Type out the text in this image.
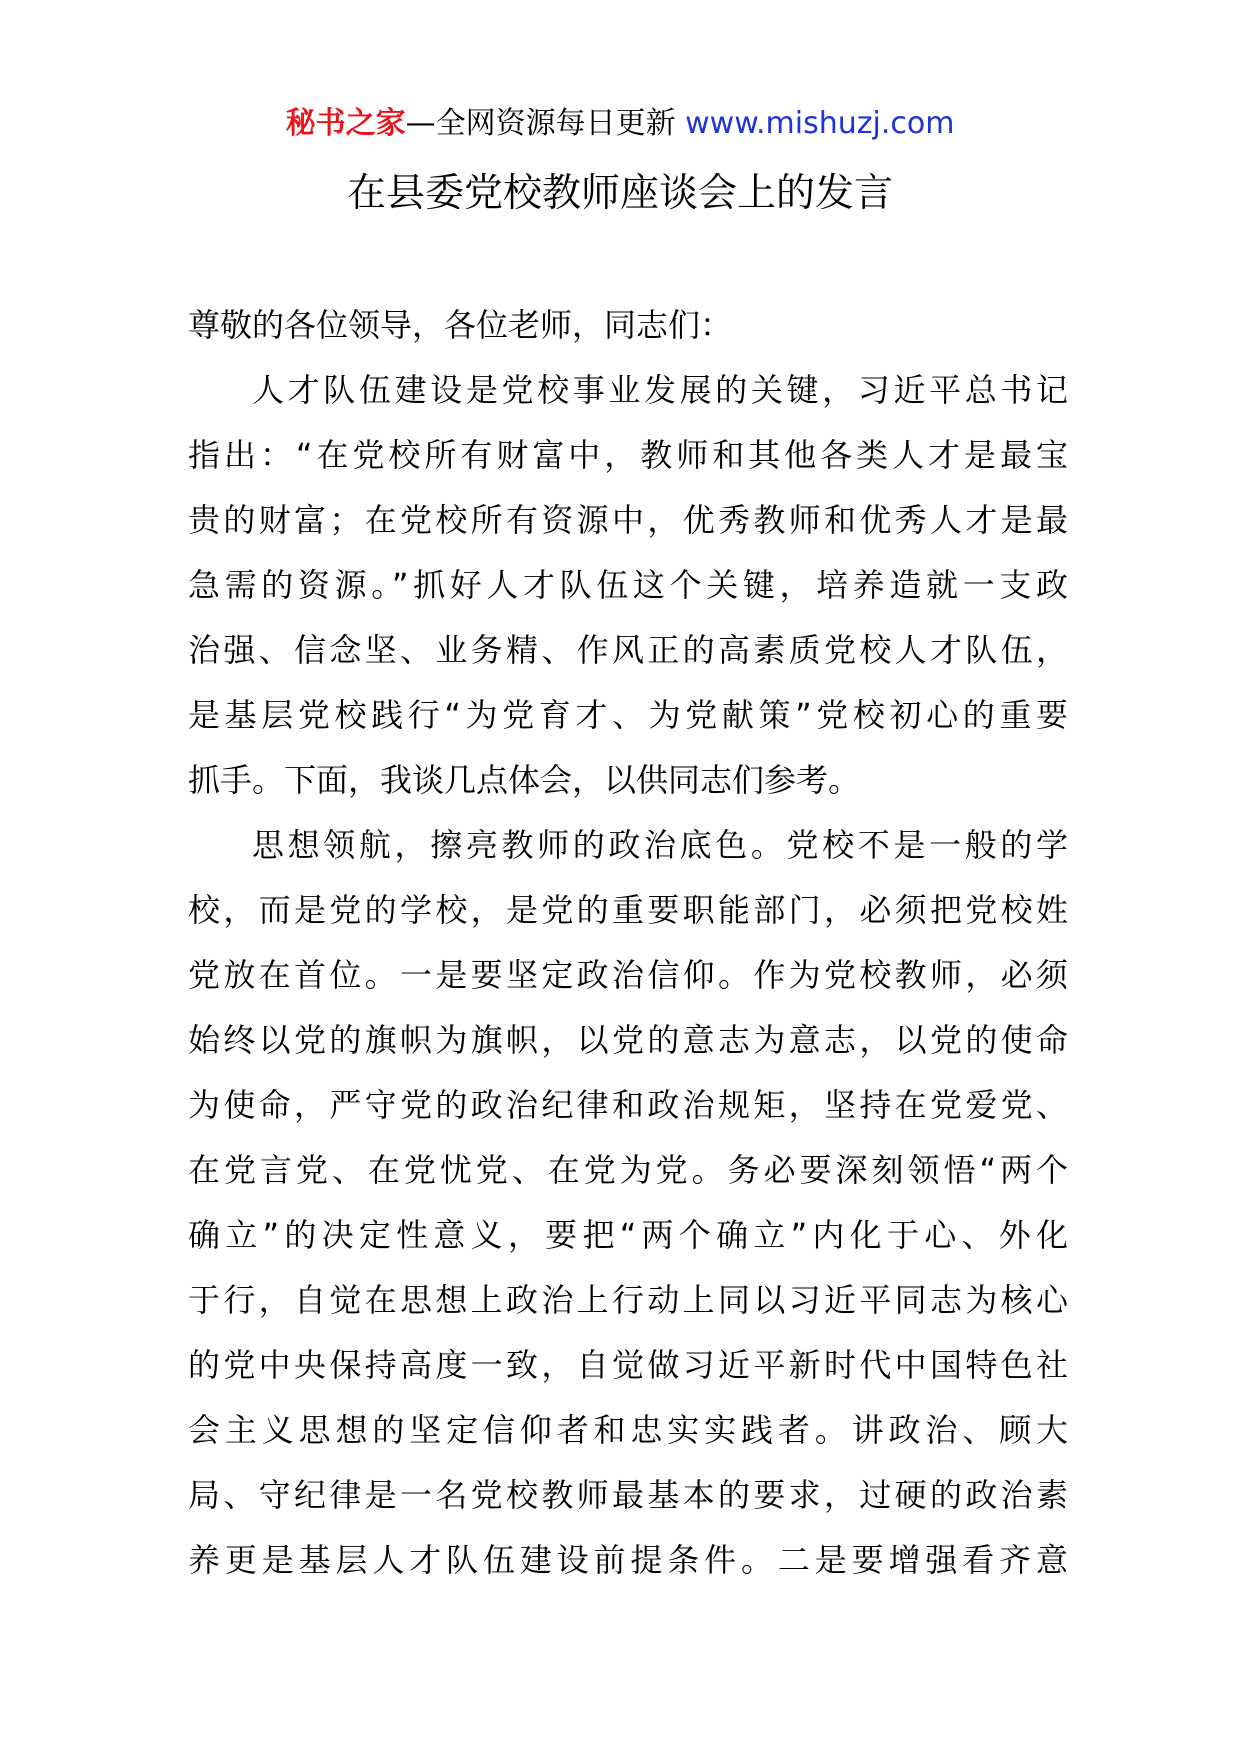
秘书之家—全网资源每日更新 www.mishuzj.com
在县委党校教师座谈会上的发言
尊敬的各位领导，各位老师，同志们：
人才队伍建设是党校事业发展的关键，习近平总书记
指出：“在党校所有财富中，教师和其他各类人才是最宝
贵的财富；在党校所有资源中，优秀教师和优秀人才是最
急需的资源。”抓好人才队伍这个关键，培养造就一支政
治强、信念坚、业务精、作风正的高素质党校人才队伍，
是基层党校践行“为党育才、为党献策”党校初心的重要
抓手。下面，我谈几点体会，以供同志们参考。
思想领航，擦亮教师的政治底色。党校不是一般的学
校，而是党的学校，是党的重要职能部门，必须把党校姓
党放在首位。一是要坚定政治信仰。作为党校教师，必须
始终以党的旗帜为旗帜，以党的意志为意志，以党的使命
为使命，严守党的政治纪律和政治规矩，坚持在党爱党、
在党言党、在党忧党、在党为党。务必要深刻领悟“两个
确立”的决定性意义，要把“两个确立”内化于心、外化
于行，自觉在思想上政治上行动上同以习近平同志为核心
的党中央保持高度一致，自觉做习近平新时代中国特色社
会主义思想的坚定信仰者和忠实实践者。讲政治、顾大
局、守纪律是一名党校教师最基本的要求，过硬的政治素
养更是基层人才队伍建设前提条件。二是要增强看齐意
